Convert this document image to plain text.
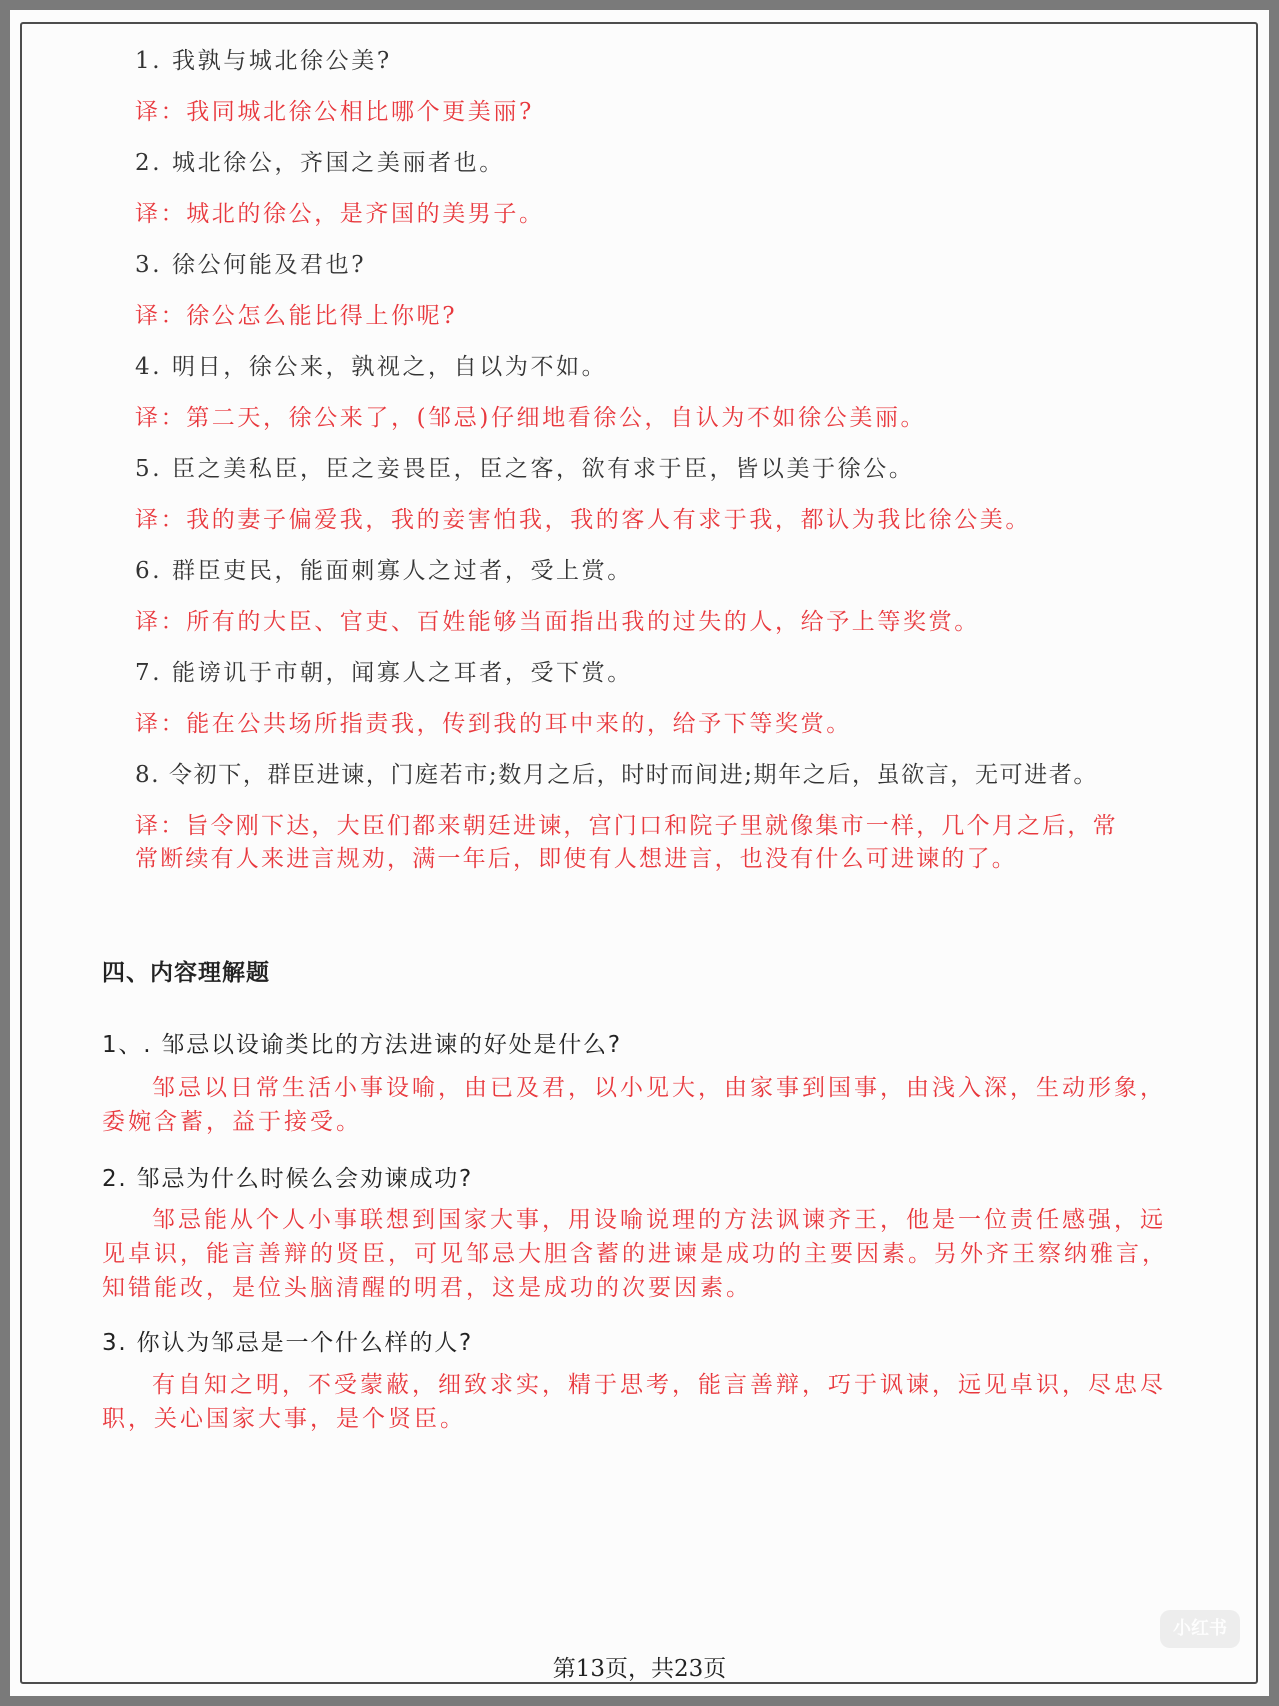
1. 我孰与城北徐公美?
译：我同城北徐公相比哪个更美丽?
2. 城北徐公，齐国之美丽者也。
译：城北的徐公，是齐国的美男子。
3. 徐公何能及君也?
译：徐公怎么能比得上你呢?
4. 明日，徐公来，孰视之，自以为不如。
译：第二天，徐公来了，(邹忌)仔细地看徐公，自认为不如徐公美丽。
5. 臣之美私臣，臣之妾畏臣，臣之客，欲有求于臣，皆以美于徐公。
译：我的妻子偏爱我，我的妾害怕我，我的客人有求于我，都认为我比徐公美。
6. 群臣吏民，能面刺寡人之过者，受上赏。
译：所有的大臣、官吏、百姓能够当面指出我的过失的人，给予上等奖赏。
7. 能谤讥于市朝，闻寡人之耳者，受下赏。
译：能在公共场所指责我，传到我的耳中来的，给予下等奖赏。
8. 令初下，群臣进谏，门庭若市;数月之后，时时而间进;期年之后，虽欲言，无可进者。
译：旨令刚下达，大臣们都来朝廷进谏，宫门口和院子里就像集市一样，几个月之后，常
常断续有人来进言规劝，满一年后，即使有人想进言，也没有什么可进谏的了。
四、内容理解题
1、. 邹忌以设谕类比的方法进谏的好处是什么?
邹忌以日常生活小事设喻，由已及君，以小见大，由家事到国事，由浅入深，生动形象，委婉含蓄，益于接受。
2. 邹忌为什么时候么会劝谏成功?
邹忌能从个人小事联想到国家大事，用设喻说理的方法讽谏齐王，他是一位责任感强，远见卓识，能言善辩的贤臣，可见邹忌大胆含蓄的进谏是成功的主要因素。另外齐王察纳雅言，知错能改，是位头脑清醒的明君，这是成功的次要因素。
3. 你认为邹忌是一个什么样的人?
有自知之明，不受蒙蔽，细致求实，精于思考，能言善辩，巧于讽谏，远见卓识，尽忠尽职，关心国家大事，是个贤臣。
第13页，共23页
小红书
